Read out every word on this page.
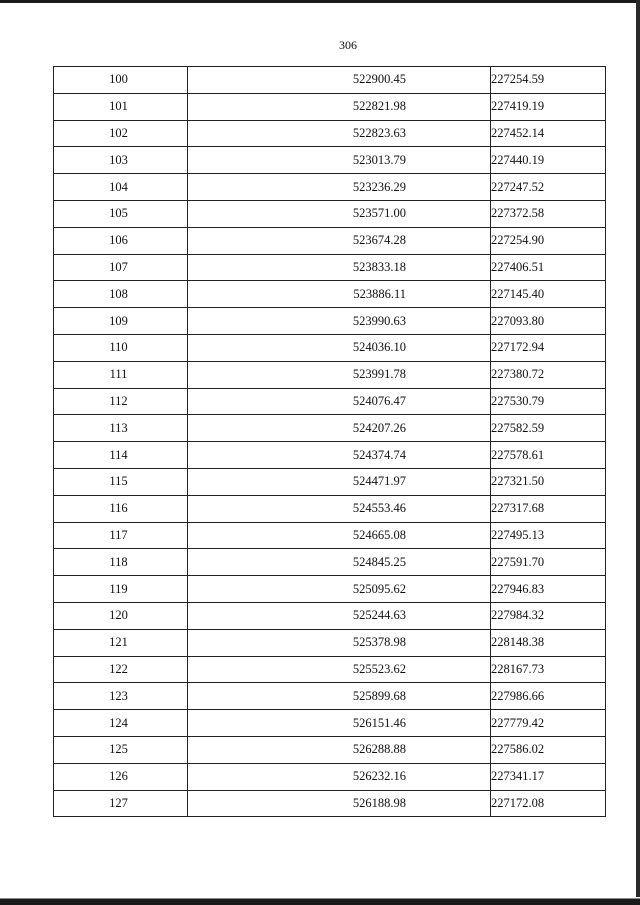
306
100	522900.45	227254.59
101	522821.98	227419.19
102	522823.63	227452.14
103	523013.79	227440.19
104	523236.29	227247.52
105	523571.00	227372.58
106	523674.28	227254.90
107	523833.18	227406.51
108	523886.11	227145.40
109	523990.63	227093.80
110	524036.10	227172.94
111	523991.78	227380.72
112	524076.47	227530.79
113	524207.26	227582.59
114	524374.74	227578.61
115	524471.97	227321.50
116	524553.46	227317.68
117	524665.08	227495.13
118	524845.25	227591.70
119	525095.62	227946.83
120	525244.63	227984.32
121	525378.98	228148.38
122	525523.62	228167.73
123	525899.68	227986.66
124	526151.46	227779.42
125	526288.88	227586.02
126	526232.16	227341.17
127	526188.98	227172.08
